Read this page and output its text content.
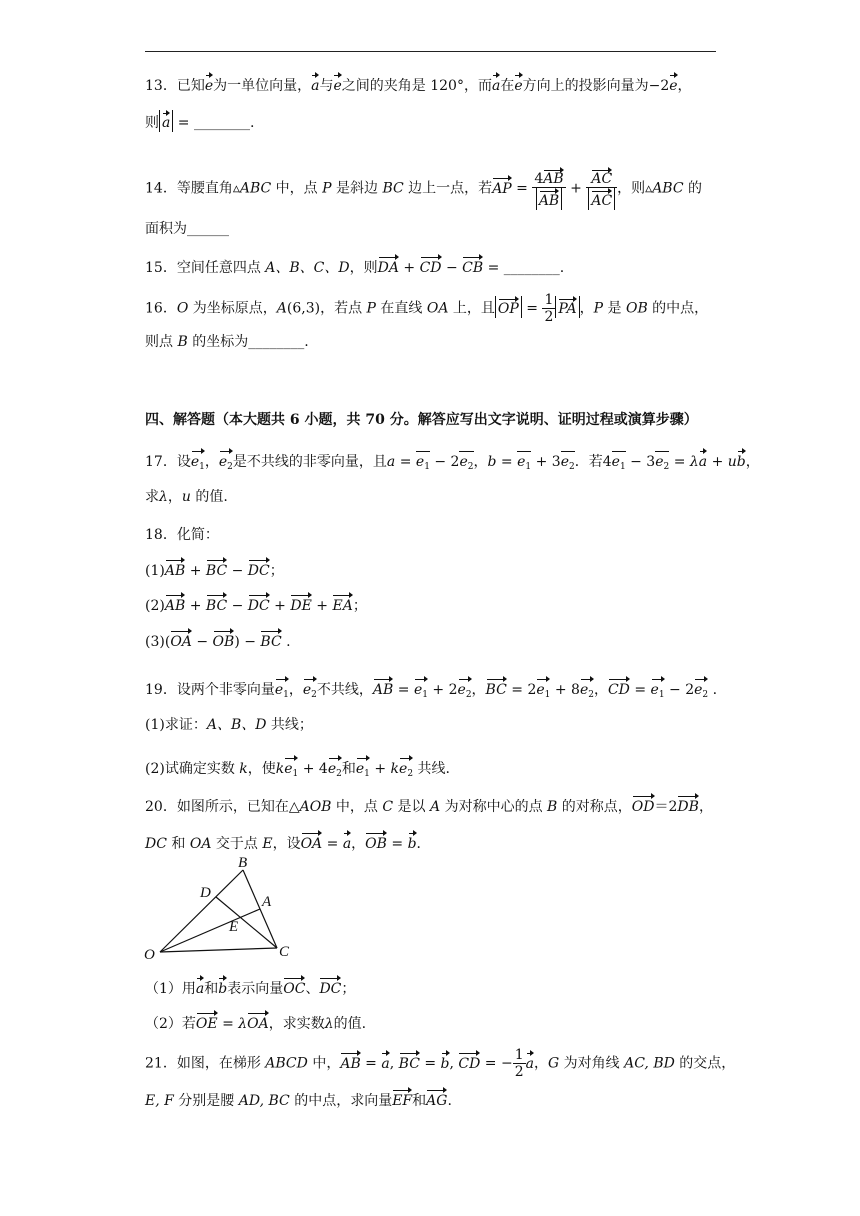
13．已知e为一单位向量，a与e之间的夹角是 120°，而a在e方向上的投影向量为−2e，
则 a = ________.
14．等腰直角▵ABC 中，点 P 是斜边 BC 边上一点，若AP = $\frac{4AB}{AB} + \frac{AC}{AC}$ ，则▵ABC 的
面积为______
15．空间任意四点 A、B、C、D，则DA + CD − CB = ________.
16．O 为坐标原点，A(6,3)，若点 P 在直线 OA 上，且 OP = $\frac{1}{2}$ PA ，P 是 OB 的中点，
则点 B 的坐标为________.
四、解答题（本大题共 6 小题，共 70 分。解答应写出文字说明、证明过程或演算步骤）
17．设$e_1$，$e_2$是不共线的非零向量，且$a = e_1 - 2e_2$，$b = e_1 + 3e_2$．若$4e_1 - 3e_2 = \lambda a$ + ub，
求λ，u 的值.
18．化简：
(1)AB + BC − DC；
(2)AB + BC − DC + DE + EA；
(3)(OA − OB) − BC .
19．设两个非零向量$e_1$，$e_2$不共线，AB = $e_1 + 2e_2$，BC = $2e_1 + 8e_2$，CD = $e_1 - 2e_2$ .
(1)求证：A、B、D 共线；
(2)试确定实数 k，使$ke_1 + 4e_2$和$e_1 + ke_2$ 共线.
20．如图所示，已知在△AOB 中，点 C 是以 A 为对称中心的点 B 的对称点，OD＝2DB，
DC 和 OA 交于点 E，设OA = a，OB = b．
B
D
A
E
O	C
（1）用a和b表示向量OC、DC；
（2）若OE = λOA，求实数λ的值.
21．如图，在梯形 ABCD 中，AB = a, BC = b, CD = − $\frac{1}{2}$ a，G 为对角线 AC, BD 的交点，
E, F 分别是腰 AD, BC 的中点，求向量EF和AG.
